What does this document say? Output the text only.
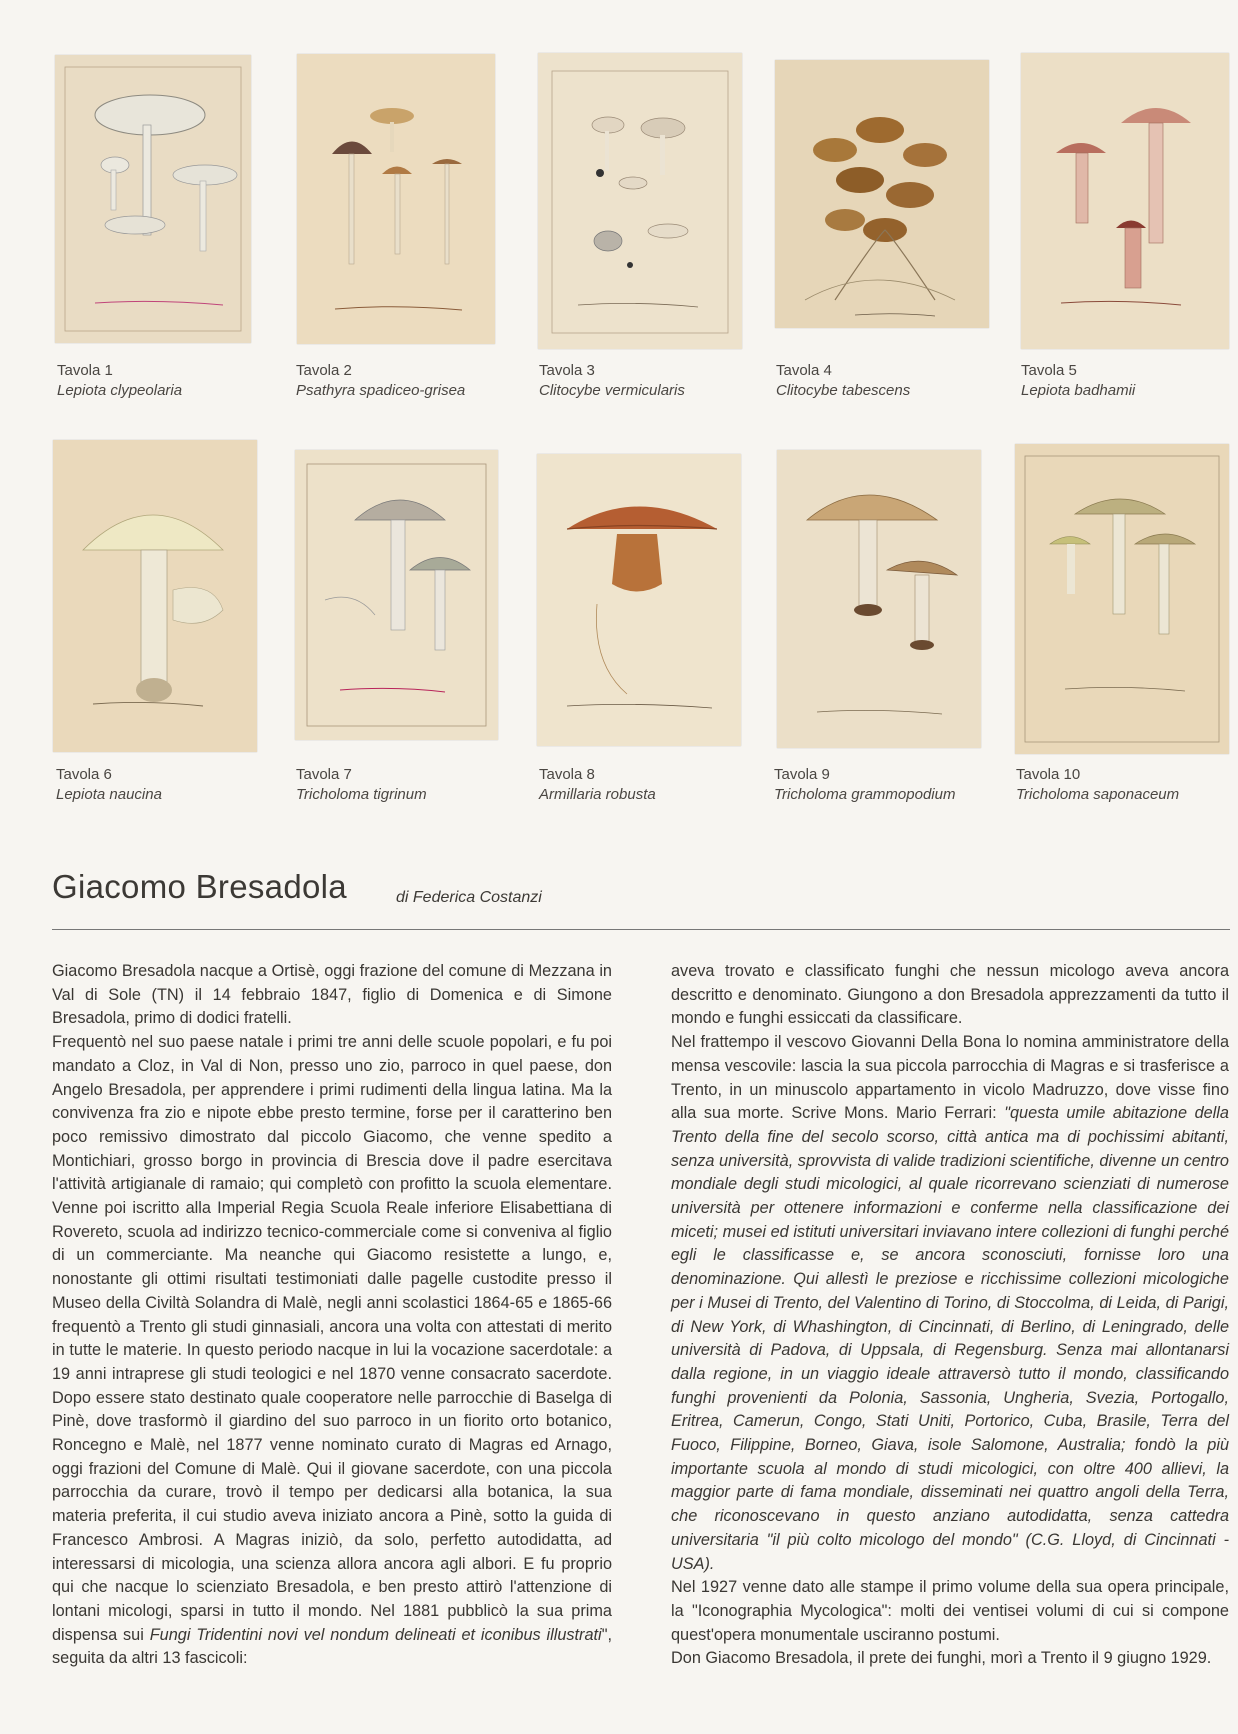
Tavola 1
Lepiota clypeolaria
Tavola 2
Psathyra spadiceo-grisea
Tavola 3
Clitocybe vermicularis
Tavola 4
Clitocybe tabescens
Tavola 5
Lepiota badhamii
Tavola 6
Lepiota naucina
Tavola 7
Tricholoma tigrinum
Tavola 8
Armillaria robusta
Tavola 9
Tricholoma grammopodium
Tavola 10
Tricholoma saponaceum
Giacomo Bresadola	di Federica Costanzi

Giacomo Bresadola nacque a Ortisè, oggi frazione del comune di Mezzana in Val di Sole (TN) il 14 febbraio 1847, figlio di Domenica e di Simone Bresadola, primo di dodici fratelli.

Frequentò nel suo paese natale i primi tre anni delle scuole popolari, e fu poi mandato a Cloz, in Val di Non, presso uno zio, parroco in quel paese, don Angelo Bresadola, per apprendere i primi rudimenti della lingua latina. Ma la convivenza fra zio e nipote ebbe presto termine, forse per il caratterino ben poco remissivo dimostrato dal piccolo Giacomo, che venne spedito a Montichiari, grosso borgo in provincia di Brescia dove il padre esercitava l'attività artigianale di ramaio; qui completò con profitto la scuola elementare. Venne poi iscritto alla Imperial Regia Scuola Reale inferiore Elisabettiana di Rovereto, scuola ad indirizzo tecnico-commerciale come si conveniva al figlio di un commerciante. Ma neanche qui Giacomo resistette a lungo, e, nonostante gli ottimi risultati testimoniati dalle pagelle custodite presso il Museo della Civiltà Solandra di Malè, negli anni scolastici 1864-65 e 1865-66 frequentò a Trento gli studi ginnasiali, ancora una volta con attestati di merito in tutte le materie. In questo periodo nacque in lui la vocazione sacerdotale: a 19 anni intraprese gli studi teologici e nel 1870 venne consacrato sacerdote. Dopo essere stato destinato quale cooperatore nelle parrocchie di Baselga di Pinè, dove trasformò il giardino del suo parroco in un fiorito orto botanico, Roncegno e Malè, nel 1877 venne nominato curato di Magras ed Arnago, oggi frazioni del Comune di Malè. Qui il giovane sacerdote, con una piccola parrocchia da curare, trovò il tempo per dedicarsi alla botanica, la sua materia preferita, il cui studio aveva iniziato ancora a Pinè, sotto la guida di Francesco Ambrosi. A Magras iniziò, da solo, perfetto autodidatta, ad interessarsi di micologia, una scienza allora ancora agli albori. E fu proprio qui che nacque lo scienziato Bresadola, e ben presto attirò l'attenzione di lontani micologi, sparsi in tutto il mondo. Nel 1881 pubblicò la sua prima dispensa sui Fungi Tridentini novi vel nondum delineati et iconibus illustrati", seguita da altri 13 fascicoli:

aveva trovato e classificato funghi che nessun micologo aveva ancora descritto e denominato. Giungono a don Bresadola apprezzamenti da tutto il mondo e funghi essiccati da classificare.

Nel frattempo il vescovo Giovanni Della Bona lo nomina amministratore della mensa vescovile: lascia la sua piccola parrocchia di Magras e si trasferisce a Trento, in un minuscolo appartamento in vicolo Madruzzo, dove visse fino alla sua morte. Scrive Mons. Mario Ferrari: "questa umile abitazione della Trento della fine del secolo scorso, città antica ma di pochissimi abitanti, senza università, sprovvista di valide tradizioni scientifiche, divenne un centro mondiale degli studi micologici, al quale ricorrevano scienziati di numerose università per ottenere informazioni e conferme nella classificazione dei miceti; musei ed istituti universitari inviavano intere collezioni di funghi perché egli le classificasse e, se ancora sconosciuti, fornisse loro una denominazione. Qui allestì le preziose e ricchissime collezioni micologiche per i Musei di Trento, del Valentino di Torino, di Stoccolma, di Leida, di Parigi, di New York, di Whashington, di Cincinnati, di Berlino, di Leningrado, delle università di Padova, di Uppsala, di Regensburg. Senza mai allontanarsi dalla regione, in un viaggio ideale attraversò tutto il mondo, classificando funghi provenienti da Polonia, Sassonia, Ungheria, Svezia, Portogallo, Eritrea, Camerun, Congo, Stati Uniti, Portorico, Cuba, Brasile, Terra del Fuoco, Filippine, Borneo, Giava, isole Salomone, Australia; fondò la più importante scuola al mondo di studi micologici, con oltre 400 allievi, la maggior parte di fama mondiale, disseminati nei quattro angoli della Terra, che riconoscevano in questo anziano autodidatta, senza cattedra universitaria "il più colto micologo del mondo" (C.G. Lloyd, di Cincinnati - USA).

Nel 1927 venne dato alle stampe il primo volume della sua opera principale, la "Iconographia Mycologica": molti dei ventisei volumi di cui si compone quest'opera monumentale usciranno postumi.

Don Giacomo Bresadola, il prete dei funghi, morì a Trento il 9 giugno 1929.
